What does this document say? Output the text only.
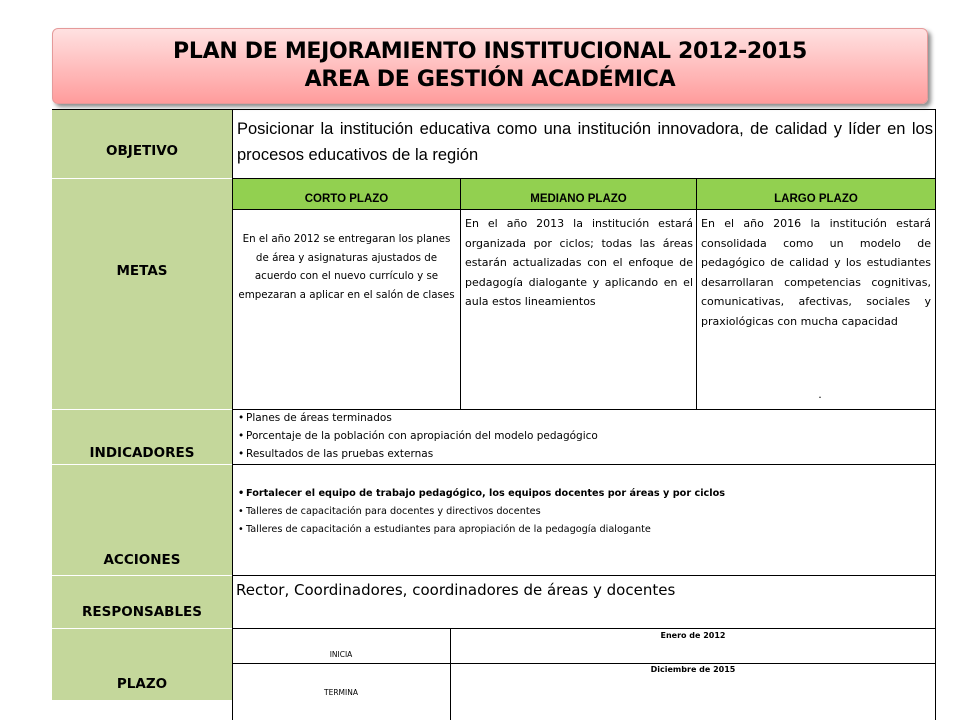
PLAN DE MEJORAMIENTO INSTITUCIONAL 2012-2015
AREA DE GESTIÓN ACADÉMICA
OBJETIVO
METAS
INDICADORES
ACCIONES
RESPONSABLES
PLAZO
Posicionar la institución educativa como una institución innovadora, de calidad y líder en los procesos educativos de la región
CORTO PLAZO	MEDIANO PLAZO	LARGO PLAZO
En el año 2012 se entregaran los planes de área y asignaturas ajustados de acuerdo con el nuevo currículo y se empezaran a aplicar en el salón de clases
En el año 2013 la institución estará organizada por ciclos; todas las áreas estarán actualizadas con el enfoque de pedagogía dialogante y aplicando en el aula estos lineamientos
En el año 2016 la institución estará consolidada como un modelo de pedagógico de calidad y los estudiantes desarrollaran competencias cognitivas, comunicativas, afectivas, sociales y praxiológicas con mucha capacidad
.
• Planes de áreas terminados
• Porcentaje de la población con apropiación del modelo pedagógico
• Resultados de las pruebas externas
• Fortalecer el equipo de trabajo pedagógico, los equipos docentes por áreas y por ciclos
• Talleres de capacitación para docentes y directivos docentes
• Talleres de capacitación a estudiantes para apropiación de la pedagogía dialogante
Rector, Coordinadores, coordinadores de áreas y docentes
INICIA
Enero de 2012
TERMINA
Diciembre de 2015
